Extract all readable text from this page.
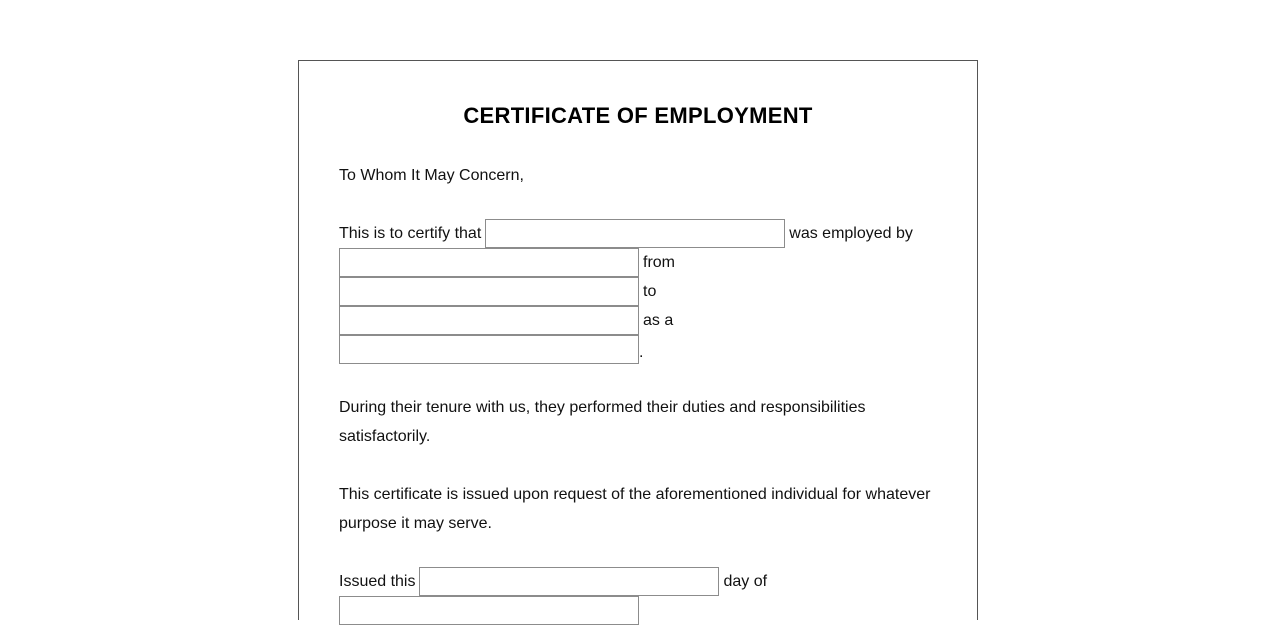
CERTIFICATE OF EMPLOYMENT

To Whom It May Concern,

This is to certify that	was employed by
from
to
as a
.

During their tenure with us, they performed their duties and responsibilities satisfactorily.

This certificate is issued upon request of the aforementioned individual for whatever purpose it may serve.

Issued this	day of
